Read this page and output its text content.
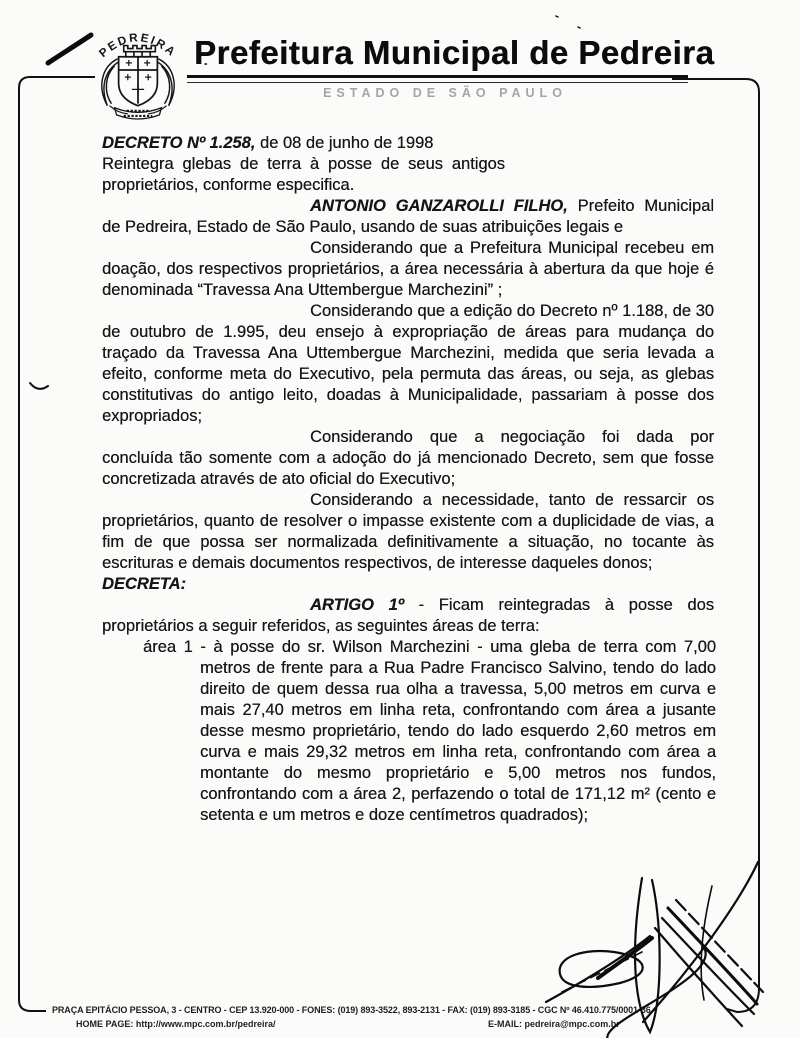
PEDREIRA Prefeitura Municipal de Pedreira
ESTADO DE SÃO PAULO

DECRETO Nº 1.258, de 08 de junho de 1998

Reintegra glebas de terra à posse de seus antigos proprietários, conforme especifica.

ANTONIO GANZAROLLI FILHO, Prefeito Municipal de Pedreira, Estado de São Paulo, usando de suas atribuições legais e

Considerando que a Prefeitura Municipal recebeu em doação, dos respectivos proprietários, a área necessária à abertura da que hoje é denominada “Travessa Ana Uttembergue Marchezini” ;

Considerando que a edição do Decreto nº 1.188, de 30 de outubro de 1.995, deu ensejo à expropriação de áreas para mudança do traçado da Travessa Ana Uttembergue Marchezini, medida que seria levada a efeito, conforme meta do Executivo, pela permuta das áreas, ou seja, as glebas constitutivas do antigo leito, doadas à Municipalidade, passariam à posse dos expropriados;

Considerando que a negociação foi dada por concluída tão somente com a adoção do já mencionado Decreto, sem que fosse concretizada através de ato oficial do Executivo;

Considerando a necessidade, tanto de ressarcir os proprietários, quanto de resolver o impasse existente com a duplicidade de vias, a fim de que possa ser normalizada definitivamente a situação, no tocante às escrituras e demais documentos respectivos, de interesse daqueles donos;

DECRETA:

ARTIGO 1º - Ficam reintegradas à posse dos proprietários a seguir referidos, as seguintes áreas de terra:

área 1 - à posse do sr. Wilson Marchezini - uma gleba de terra com 7,00 metros de frente para a Rua Padre Francisco Salvino, tendo do lado direito de quem dessa rua olha a travessa, 5,00 metros em curva e mais 27,40 metros em linha reta, confrontando com área a jusante desse mesmo proprietário, tendo do lado esquerdo 2,60 metros em curva e mais 29,32 metros em linha reta, confrontando com área a montante do mesmo proprietário e 5,00 metros nos fundos, confrontando com a área 2, perfazendo o total de 171,12 m² (cento e setenta e um metros e doze centímetros quadrados);

PRAÇA EPITÁCIO PESSOA, 3 - CENTRO - CEP 13.920-000 - FONES: (019) 893-3522, 893-2131 - FAX: (019) 893-3185 - CGC Nº 46.410.775/0001-36
HOME PAGE: http://www.mpc.com.br/pedreira/	E-MAIL: pedreira@mpc.com.br
